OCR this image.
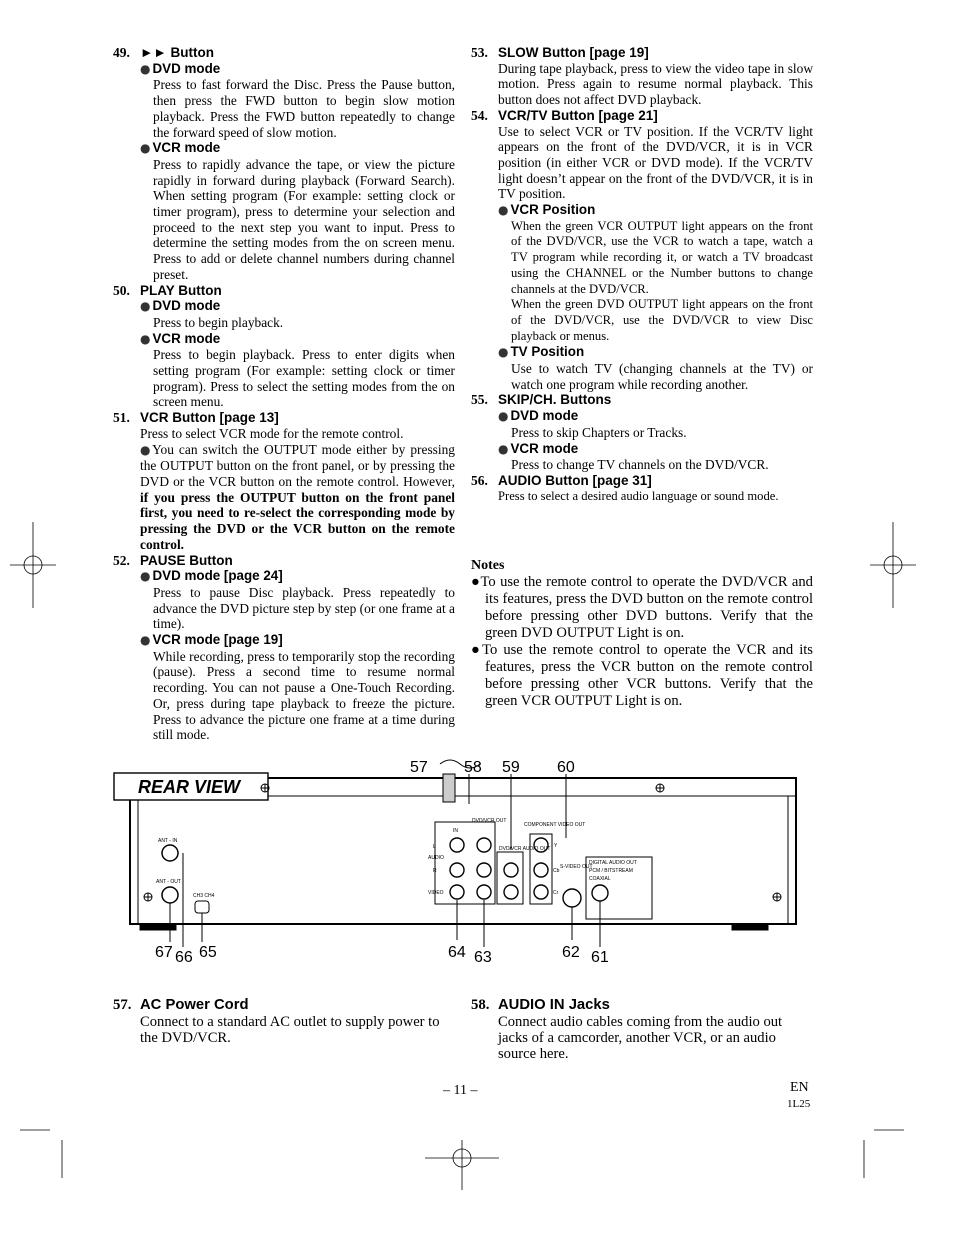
49. ►► Button
● DVD mode
Press to fast forward the Disc. Press the Pause button, then press the FWD button to begin slow motion playback. Press the FWD button repeatedly to change the forward speed of slow motion.
● VCR mode
Press to rapidly advance the tape, or view the picture rapidly in forward during playback (Forward Search). When setting program (For example: setting clock or timer program), press to determine your selection and proceed to the next step you want to input. Press to determine the setting modes from the on screen menu. Press to add or delete channel numbers during channel preset.
50. PLAY Button
● DVD mode
Press to begin playback.
● VCR mode
Press to begin playback. Press to enter digits when setting program (For example: setting clock or timer program). Press to select the setting modes from the on screen menu.
51. VCR Button [page 13]
Press to select VCR mode for the remote control.
●You can switch the OUTPUT mode either by pressing the OUTPUT button on the front panel, or by pressing the DVD or the VCR button on the remote control. However, if you press the OUTPUT button on the front panel first, you need to re-select the corresponding mode by pressing the DVD or the VCR button on the remote control.
52. PAUSE Button
● DVD mode [page 24]
Press to pause Disc playback. Press repeatedly to advance the DVD picture step by step (or one frame at a time).
● VCR mode [page 19]
While recording, press to temporarily stop the recording (pause). Press a second time to resume normal recording. You can not pause a One-Touch Recording. Or, press during tape playback to freeze the picture. Press to advance the picture one frame at a time during still mode.
53. SLOW Button [page 19]
During tape playback, press to view the video tape in slow motion. Press again to resume normal playback. This button does not affect DVD playback.
54. VCR/TV Button [page 21]
Use to select VCR or TV position. If the VCR/TV light appears on the front of the DVD/VCR, it is in VCR position (in either VCR or DVD mode). If the VCR/TV light doesn’t appear on the front of the DVD/VCR, it is in TV position.
● VCR Position
When the green VCR OUTPUT light appears on the front of the DVD/VCR, use the VCR to watch a tape, watch a TV program while recording it, or watch a TV broadcast using the CHANNEL or the Number buttons to change channels at the DVD/VCR.
When the green DVD OUTPUT light appears on the front of the DVD/VCR, use the DVD/VCR to view Disc playback or menus.
● TV Position
Use to watch TV (changing channels at the TV) or watch one program while recording another.
55. SKIP/CH. Buttons
● DVD mode
Press to skip Chapters or Tracks.
● VCR mode
Press to change TV channels on the DVD/VCR.
56. AUDIO Button [page 31]
Press to select a desired audio language or sound mode.
Notes
●To use the remote control to operate the DVD/VCR and its features, press the DVD button on the remote control before pressing other DVD buttons. Verify that the green DVD OUTPUT Light is on.
●To use the remote control to operate the VCR and its features, press the VCR button on the remote control before pressing other VCR buttons. Verify that the green VCR OUTPUT Light is on.
REAR VIEW
ANT - IN
ANT - OUT
CH3 CH4
IN
DVD/VCR OUT
AUDIO
L
R
VIDEO
DVD/VCR AUDIO OUT
COMPONENT VIDEO OUT
Y
Cb
Cr
S-VIDEO OUT
DIGITAL AUDIO OUT
PCM / BITSTREAM
COAXIAL
57 58 59 60
67 66 65	64 63	62 61
57. AC Power Cord
Connect to a standard AC outlet to supply power to the DVD/VCR.
58. AUDIO IN Jacks
Connect audio cables coming from the audio out jacks of a camcorder, another VCR, or an audio source here.
– 11 –	EN
1L25
